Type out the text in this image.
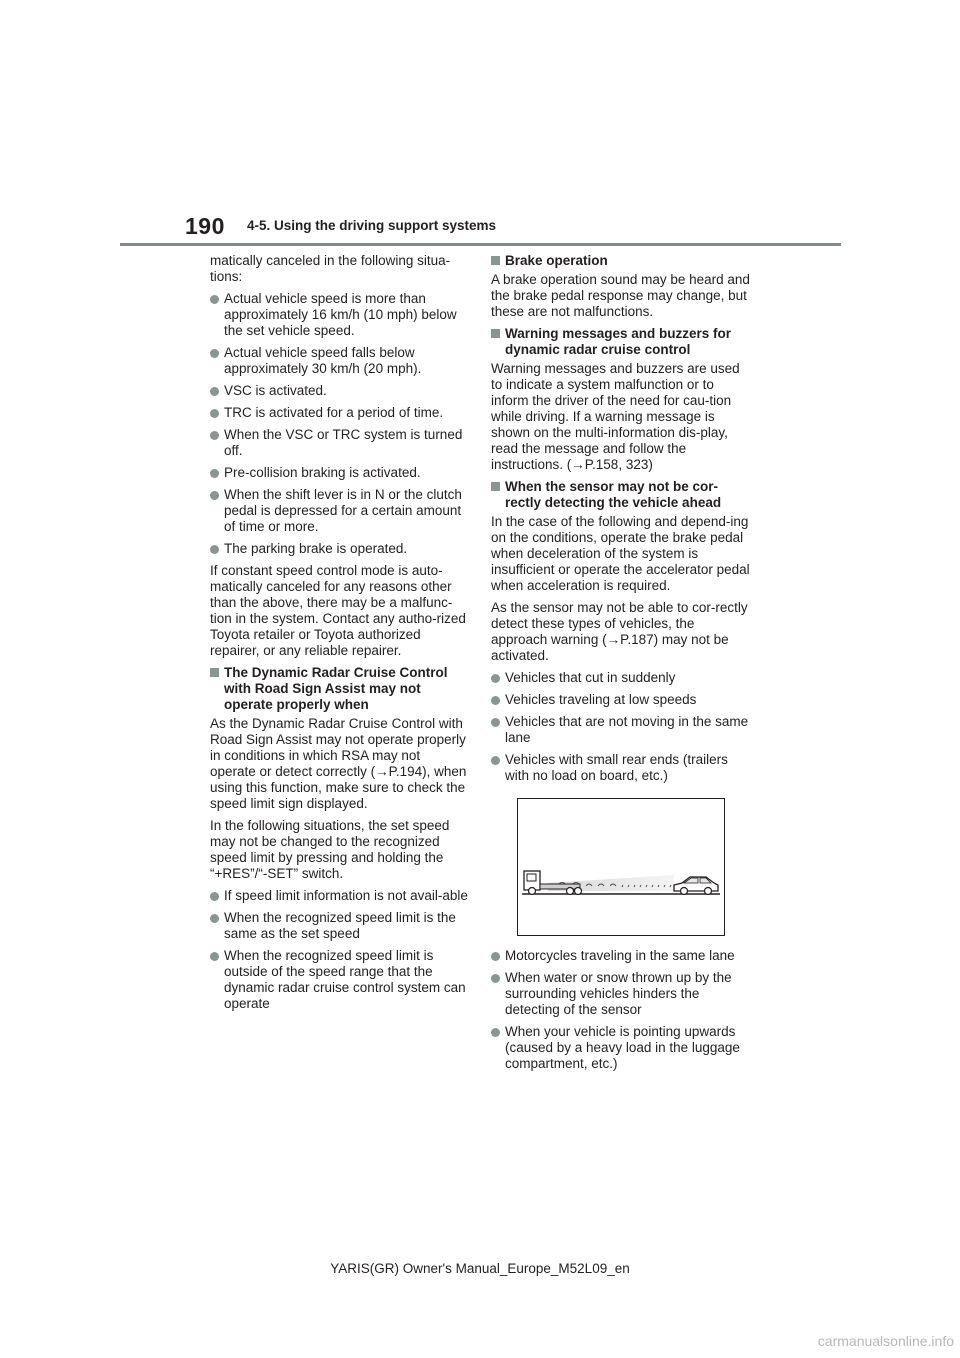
190 4-5. Using the driving support systems

matically canceled in the following situa-tions:

Actual vehicle speed is more than approximately 16 km/h (10 mph) below the set vehicle speed.
Actual vehicle speed falls below approximately 30 km/h (20 mph).
VSC is activated.
TRC is activated for a period of time.
When the VSC or TRC system is turned off.
Pre-collision braking is activated.
When the shift lever is in N or the clutch pedal is depressed for a certain amount of time or more.
The parking brake is operated.

If constant speed control mode is auto-matically canceled for any reasons other than the above, there may be a malfunc-tion in the system. Contact any autho-rized Toyota retailer or Toyota authorized repairer, or any reliable repairer.

The Dynamic Radar Cruise Control with Road Sign Assist may not operate properly when

As the Dynamic Radar Cruise Control with Road Sign Assist may not operate properly in conditions in which RSA may not operate or detect correctly (→P.194), when using this function, make sure to check the speed limit sign displayed.

In the following situations, the set speed may not be changed to the recognized speed limit by pressing and holding the “+RES”/“-SET” switch.

If speed limit information is not avail-able
When the recognized speed limit is the same as the set speed
When the recognized speed limit is outside of the speed range that the dynamic radar cruise control system can operate
Brake operation

A brake operation sound may be heard and the brake pedal response may change, but these are not malfunctions.

Warning messages and buzzers for dynamic radar cruise control

Warning messages and buzzers are used to indicate a system malfunction or to inform the driver of the need for cau-tion while driving. If a warning message is shown on the multi-information dis-play, read the message and follow the instructions. (→P.158, 323)

When the sensor may not be cor-rectly detecting the vehicle ahead

In the case of the following and depend-ing on the conditions, operate the brake pedal when deceleration of the system is insufficient or operate the accelerator pedal when acceleration is required.

As the sensor may not be able to cor-rectly detect these types of vehicles, the approach warning (→P.187) may not be activated.

Vehicles that cut in suddenly
Vehicles traveling at low speeds
Vehicles that are not moving in the same lane
Vehicles with small rear ends (trailers with no load on board, etc.)
Motorcycles traveling in the same lane
When water or snow thrown up by the surrounding vehicles hinders the detecting of the sensor
When your vehicle is pointing upwards (caused by a heavy load in the luggage compartment, etc.)
YARIS(GR) Owner's Manual_Europe_M52L09_en
carmanualsonline.info
